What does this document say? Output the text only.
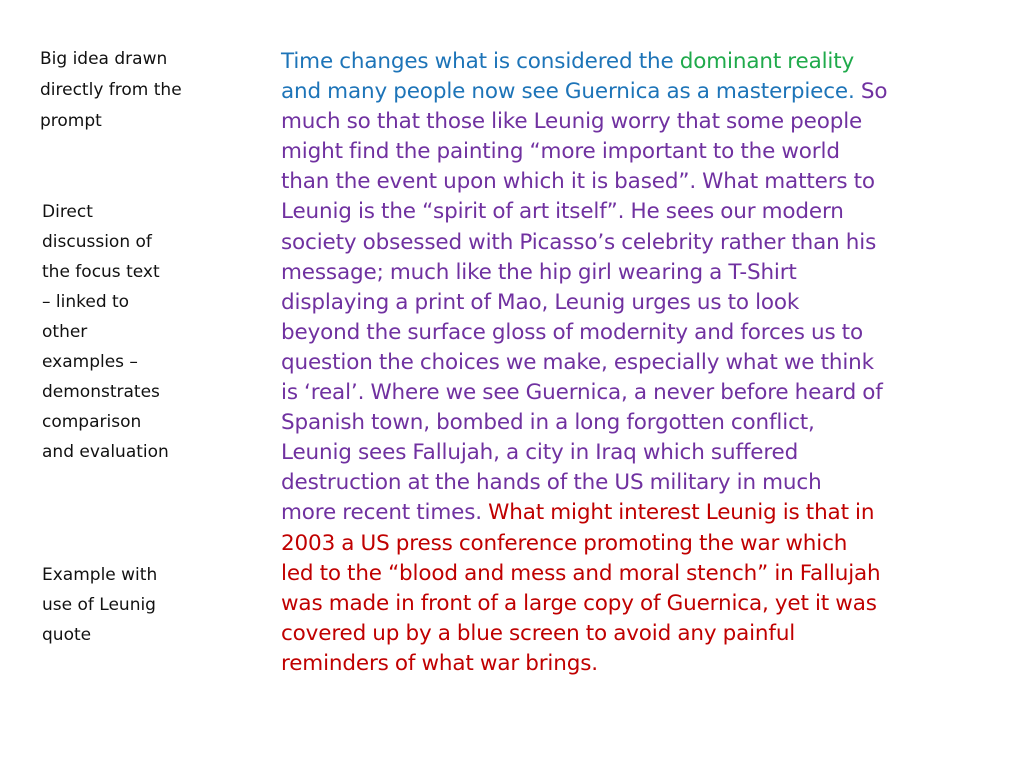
Big idea drawn
directly from the
prompt

Direct
discussion of
the focus text
– linked to
other
examples –
demonstrates
comparison
and evaluation

Example with
use of Leunig
quote

Time changes what is considered the dominant reality
and many people now see Guernica as a masterpiece. So
much so that those like Leunig worry that some people
might find the painting “more important to the world
than the event upon which it is based”. What matters to
Leunig is the “spirit of art itself”. He sees our modern
society obsessed with Picasso’s celebrity rather than his
message; much like the hip girl wearing a T-Shirt
displaying a print of Mao, Leunig urges us to look
beyond the surface gloss of modernity and forces us to
question the choices we make, especially what we think
is ‘real’. Where we see Guernica, a never before heard of
Spanish town, bombed in a long forgotten conflict,
Leunig sees Fallujah, a city in Iraq which suffered
destruction at the hands of the US military in much
more recent times. What might interest Leunig is that in
2003 a US press conference promoting the war which
led to the “blood and mess and moral stench” in Fallujah
was made in front of a large copy of Guernica, yet it was
covered up by a blue screen to avoid any painful
reminders of what war brings.
